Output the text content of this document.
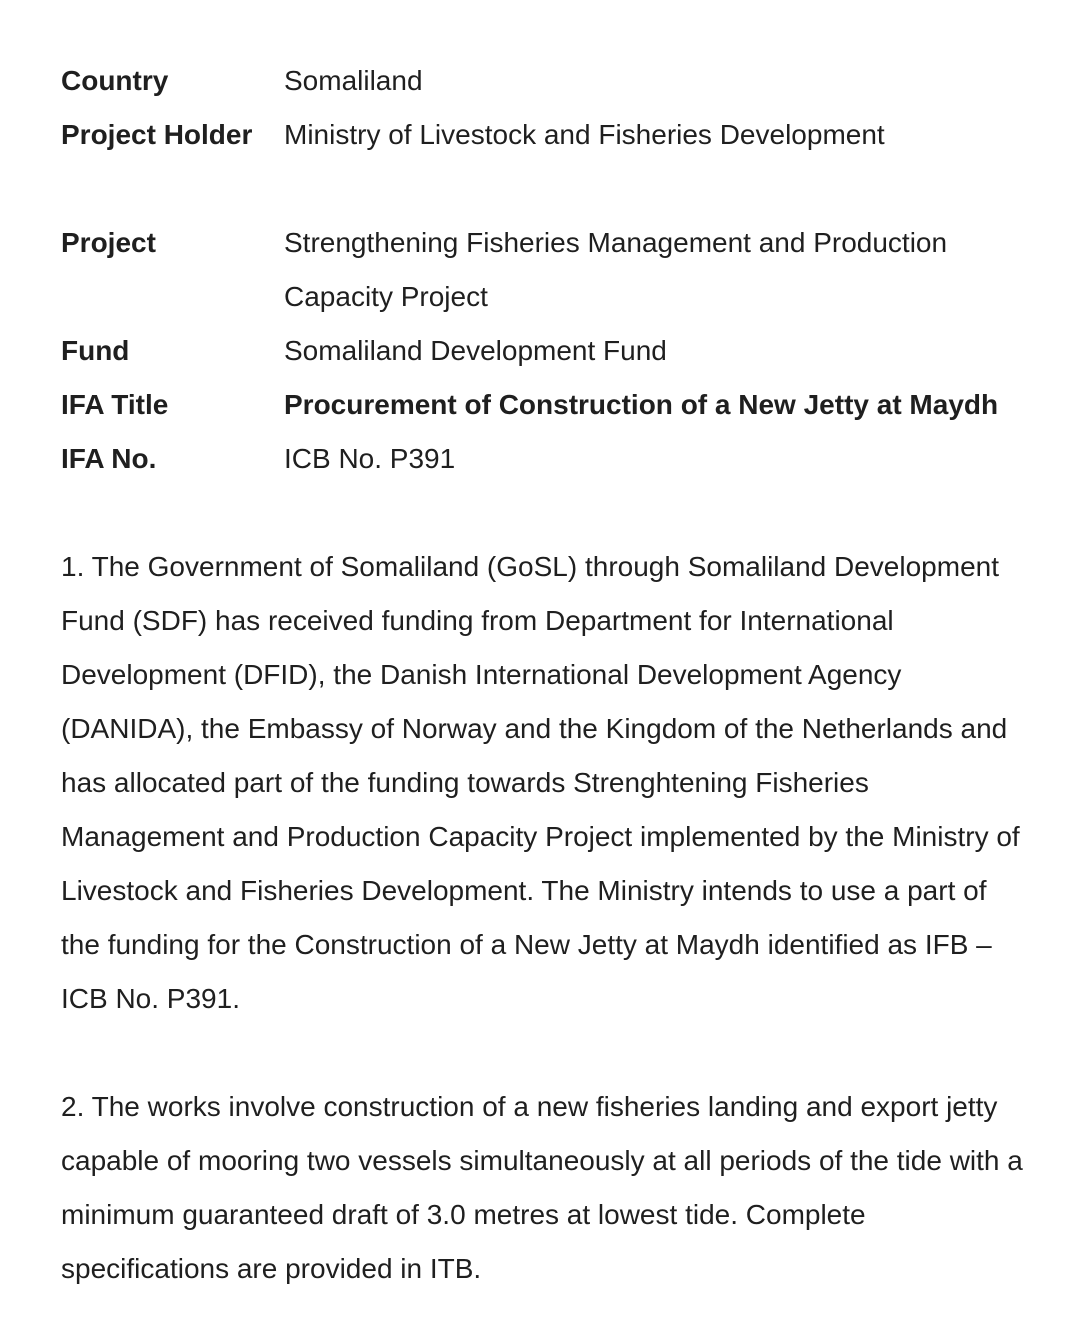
Country	Somaliland
Project Holder	Ministry of Livestock and Fisheries Development
Project	Strengthening Fisheries Management and Production Capacity Project
Fund	Somaliland Development Fund
IFA Title	Procurement of Construction of a New Jetty at Maydh
IFA No.	ICB No. P391

1. The Government of Somaliland (GoSL) through Somaliland Development Fund (SDF) has received funding from Department for International Development (DFID), the Danish International Development Agency (DANIDA), the Embassy of Norway and the Kingdom of the Netherlands and has allocated part of the funding towards Strenghtening Fisheries Management and Production Capacity Project implemented by the Ministry of Livestock and Fisheries Development. The Ministry intends to use a part of the funding for the Construction of a New Jetty at Maydh identified as IFB – ICB No. P391.

2. The works involve construction of a new fisheries landing and export jetty capable of mooring two vessels simultaneously at all periods of the tide with a minimum guaranteed draft of 3.0 metres at lowest tide. Complete specifications are provided in ITB.
